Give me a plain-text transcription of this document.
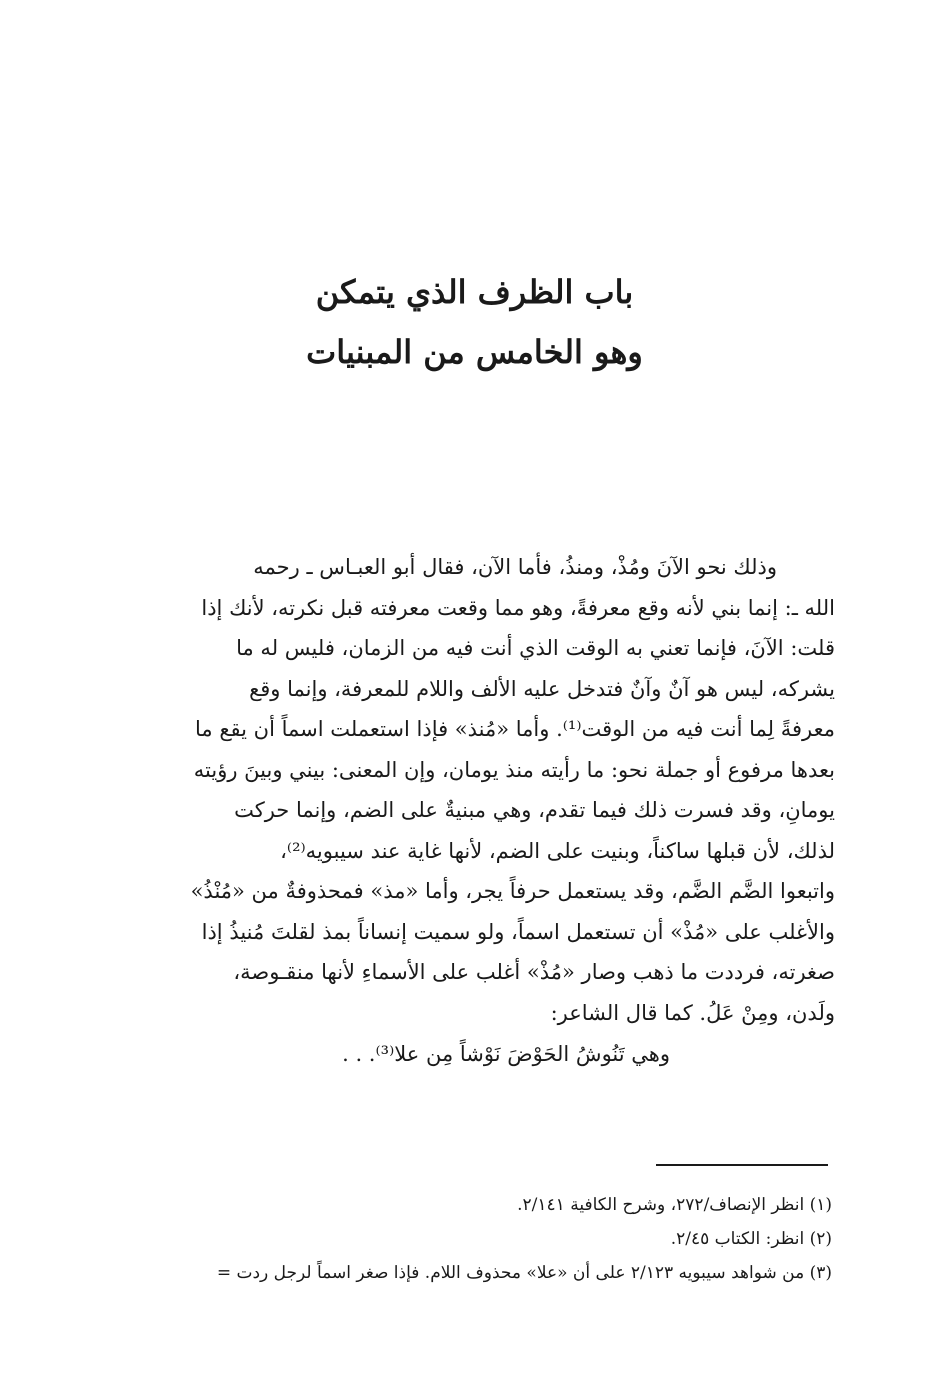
باب الظرف الذي يتمكن
وهو الخامس من المبنيات
وذلك نحو الآنَ ومُذْ، ومنذُ، فأما الآن، فقال أبو العبـاس ـ رحمه
الله ـ: إنما بني لأنه وقع معرفةً، وهو مما وقعت معرفته قبل نكرته، لأنك إذا
قلت: الآنَ، فإنما تعني به الوقت الذي أنت فيه من الزمان، فليس له ما
يشركه، ليس هو آنٌ وآنٌ فتدخل عليه الألف واللام للمعرفة، وإنما وقع
معرفةً لِما أنت فيه من الوقت⁽¹⁾. وأما «مُنذ» فإذا استعملت اسماً أن يقع ما
بعدها مرفوع أو جملة نحو: ما رأيته منذ يومان، وإن المعنى: بيني وبينَ رؤيته
يومانِ، وقد فسرت ذلك فيما تقدم، وهي مبنيةٌ على الضم، وإنما حركت
لذلك، لأن قبلها ساكناً، وبنيت على الضم، لأنها غاية عند سيبويه⁽²⁾،
واتبعوا الضَّم الضَّم، وقد يستعمل حرفاً يجر، وأما «مذ» فمحذوفةٌ من «مُنْذُ»
والأغلب على «مُذْ» أن تستعمل اسماً، ولو سميت إنساناً بمذ لقلتَ مُنيذُ إذا
صغرته، فرددت ما ذهب وصار «مُذْ» أغلب على الأسماءِ لأنها منقـوصة،
ولَدن، ومِنْ عَلُ. كما قال الشاعر:
وهي تَنُوشُ الحَوْضَ نَوْشاً مِن علا⁽³⁾. . .
(١) انظر الإنصاف/٢٧٢، وشرح الكافية ٢/١٤١.
(٢) انظر: الكتاب ٢/٤٥.
(٣) من شواهد سيبويه ٢/١٢٣ على أن «علا» محذوف اللام. فإذا صغر اسماً لرجل ردت =
